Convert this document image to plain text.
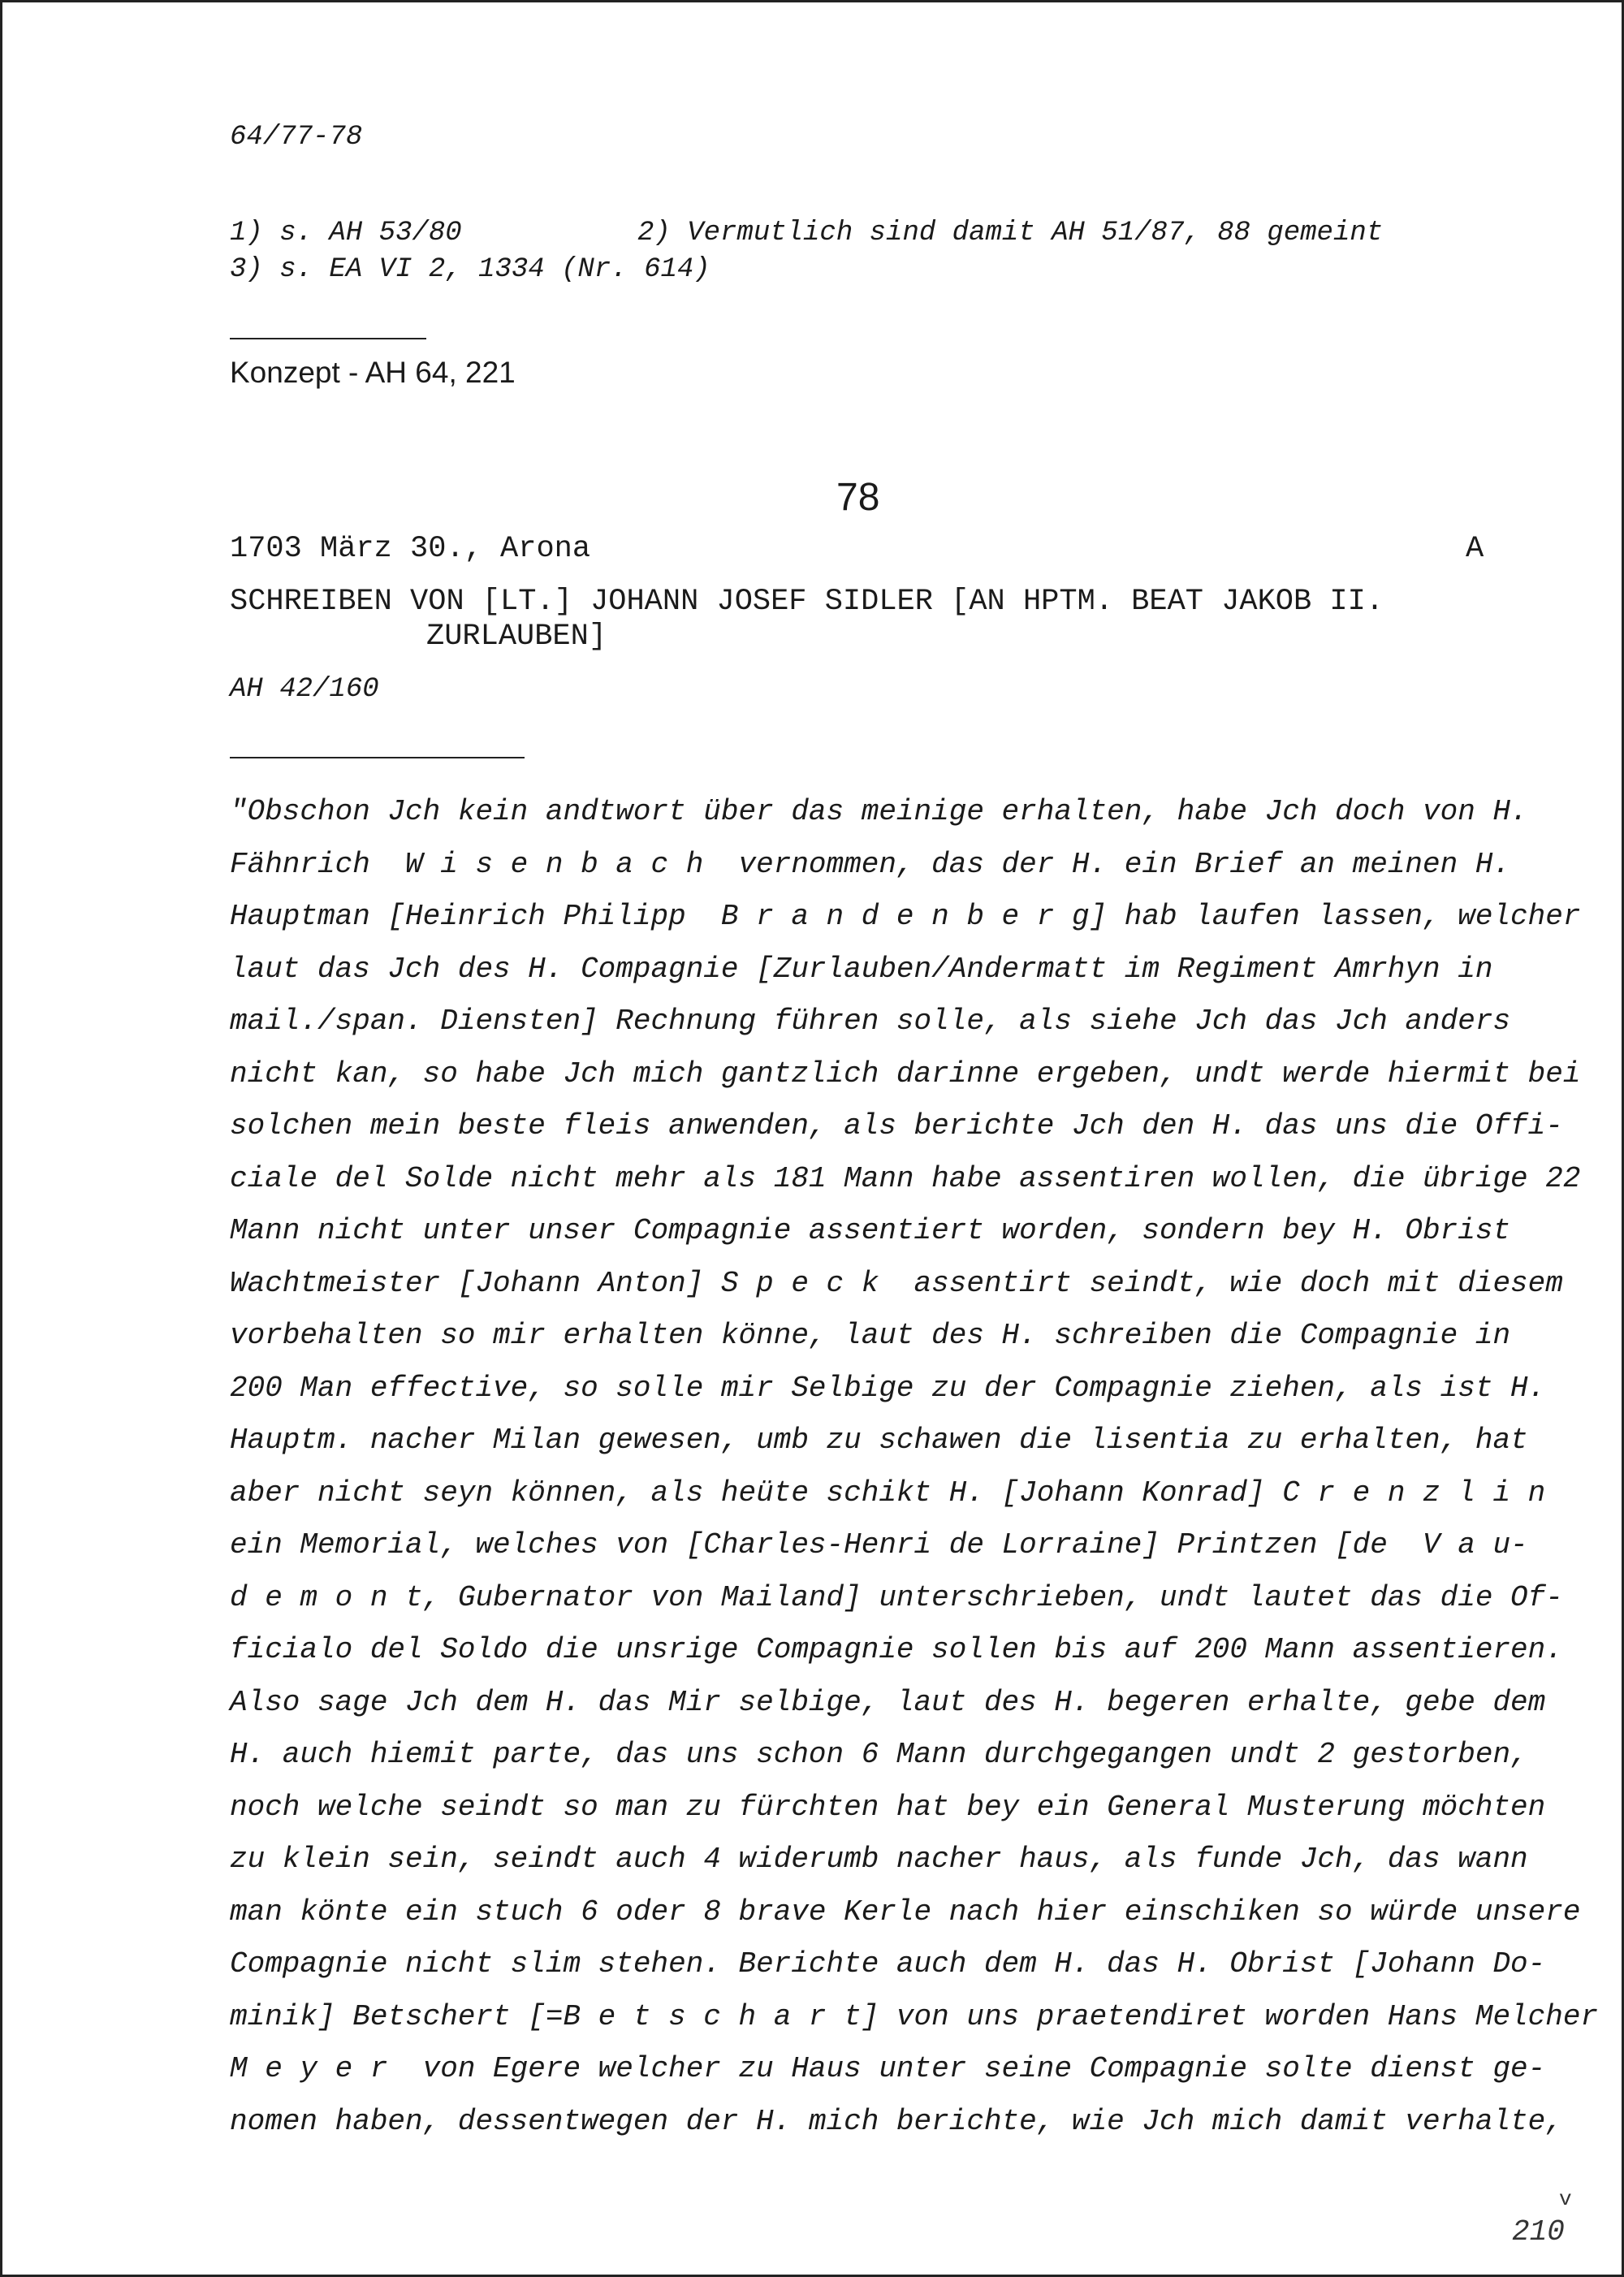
64/77-78
1) s. AH 53/80	2) Vermutlich sind damit AH 51/87, 88 gemeint
3) s. EA VI 2, 1334 (Nr. 614)
Konzept - AH 64, 221
78
1703 März 30., Arona	A
SCHREIBEN VON [LT.] JOHANN JOSEF SIDLER [AN HPTM. BEAT JAKOB II.
ZURLAUBEN]
AH 42/160
"Obschon Jch kein andtwort über das meinige erhalten, habe Jch doch von H.
Fähnrich  W i s e n b a c h  vernommen, das der H. ein Brief an meinen H.
Hauptman [Heinrich Philipp  B r a n d e n b e r g] hab laufen lassen, welcher
laut das Jch des H. Compagnie [Zurlauben/Andermatt im Regiment Amrhyn in
mail./span. Diensten] Rechnung führen solle, als siehe Jch das Jch anders
nicht kan, so habe Jch mich gantzlich darinne ergeben, undt werde hiermit bei
solchen mein beste fleis anwenden, als berichte Jch den H. das uns die Offi-
ciale del Solde nicht mehr als 181 Mann habe assentiren wollen, die übrige 22
Mann nicht unter unser Compagnie assentiert worden, sondern bey H. Obrist
Wachtmeister [Johann Anton] S p e c k  assentirt seindt, wie doch mit diesem
vorbehalten so mir erhalten könne, laut des H. schreiben die Compagnie in
200 Man effective, so solle mir Selbige zu der Compagnie ziehen, als ist H.
Hauptm. nacher Milan gewesen, umb zu schawen die lisentia zu erhalten, hat
aber nicht seyn können, als heüte schikt H. [Johann Konrad] C r e n z l i n
ein Memorial, welches von [Charles-Henri de Lorraine] Printzen [de  V a u-
d e m o n t, Gubernator von Mailand] unterschrieben, undt lautet das die Of-
ficialo del Soldo die unsrige Compagnie sollen bis auf 200 Mann assentieren.
Also sage Jch dem H. das Mir selbige, laut des H. begeren erhalte, gebe dem
H. auch hiemit parte, das uns schon 6 Mann durchgegangen undt 2 gestorben,
noch welche seindt so man zu fürchten hat bey ein General Musterung möchten
zu klein sein, seindt auch 4 widerumb nacher haus, als funde Jch, das wann
man könte ein stuch 6 oder 8 brave Kerle nach hier einschiken so würde unsere
Compagnie nicht slim stehen. Berichte auch dem H. das H. Obrist [Johann Do-
minik] Betschert [=B e t s c h a r t] von uns praetendiret worden Hans Melcher
M e y e r  von Egere welcher zu Haus unter seine Compagnie solte dienst ge-
nomen haben, dessentwegen der H. mich berichte, wie Jch mich damit verhalte,
v
210
